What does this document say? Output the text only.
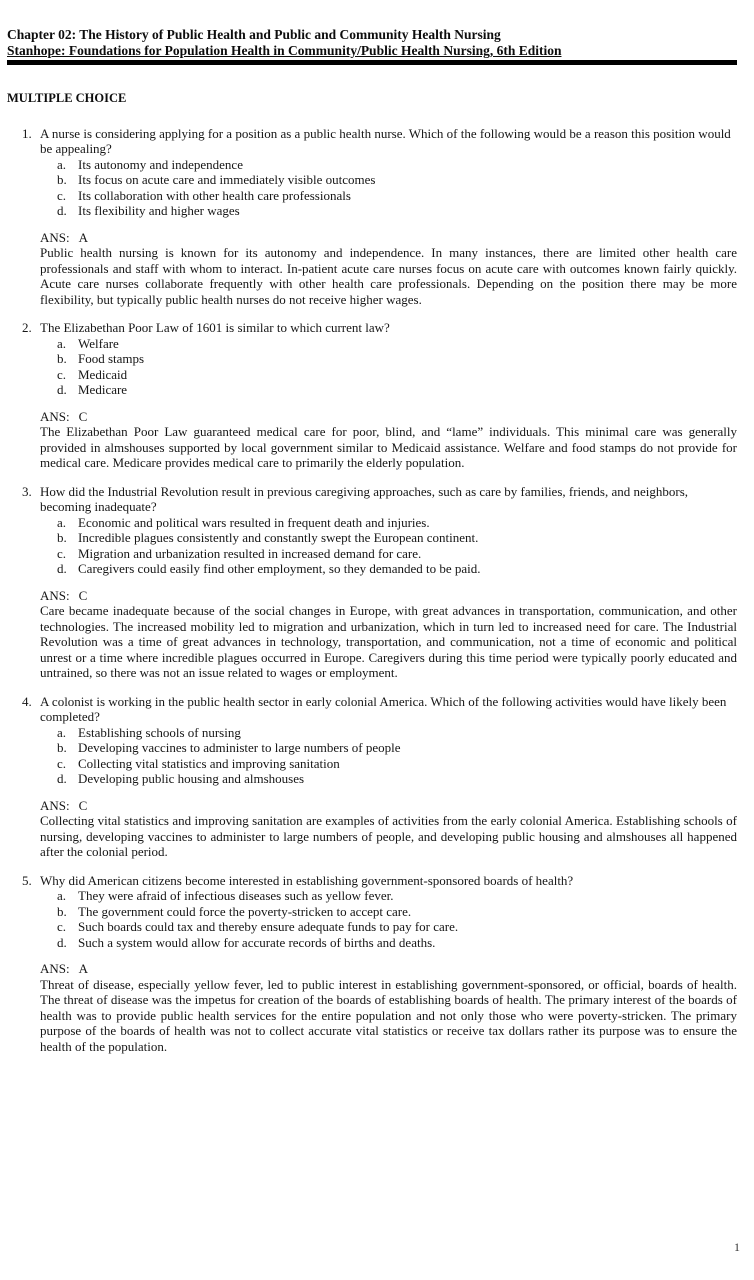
Chapter 02: The History of Public Health and Public and Community Health Nursing
Stanhope: Foundations for Population Health in Community/Public Health Nursing, 6th Edition
MULTIPLE CHOICE
1. A nurse is considering applying for a position as a public health nurse. Which of the following would be a reason this position would be appealing?
a. Its autonomy and independence
b. Its focus on acute care and immediately visible outcomes
c. Its collaboration with other health care professionals
d. Its flexibility and higher wages
ANS: A

Public health nursing is known for its autonomy and independence. In many instances, there are limited other health care professionals and staff with whom to interact. In-patient acute care nurses focus on acute care with outcomes known fairly quickly. Acute care nurses collaborate frequently with other health care professionals. Depending on the position there may be more flexibility, but typically public health nurses do not receive higher wages.

2. The Elizabethan Poor Law of 1601 is similar to which current law?
a. Welfare
b. Food stamps
c. Medicaid
d. Medicare
ANS: C

The Elizabethan Poor Law guaranteed medical care for poor, blind, and “lame” individuals. This minimal care was generally provided in almshouses supported by local government similar to Medicaid assistance. Welfare and food stamps do not provide for medical care. Medicare provides medical care to primarily the elderly population.

3. How did the Industrial Revolution result in previous caregiving approaches, such as care by families, friends, and neighbors, becoming inadequate?
a. Economic and political wars resulted in frequent death and injuries.
b. Incredible plagues consistently and constantly swept the European continent.
c. Migration and urbanization resulted in increased demand for care.
d. Caregivers could easily find other employment, so they demanded to be paid.
ANS: C

Care became inadequate because of the social changes in Europe, with great advances in transportation, communication, and other technologies. The increased mobility led to migration and urbanization, which in turn led to increased need for care. The Industrial Revolution was a time of great advances in technology, transportation, and communication, not a time of economic and political unrest or a time where incredible plagues occurred in Europe. Caregivers during this time period were typically poorly educated and untrained, so there was not an issue related to wages or employment.

4. A colonist is working in the public health sector in early colonial America. Which of the following activities would have likely been completed?
a. Establishing schools of nursing
b. Developing vaccines to administer to large numbers of people
c. Collecting vital statistics and improving sanitation
d. Developing public housing and almshouses
ANS: C

Collecting vital statistics and improving sanitation are examples of activities from the early colonial America. Establishing schools of nursing, developing vaccines to administer to large numbers of people, and developing public housing and almshouses all happened after the colonial period.

5. Why did American citizens become interested in establishing government-sponsored boards of health?
a. They were afraid of infectious diseases such as yellow fever.
b. The government could force the poverty-stricken to accept care.
c. Such boards could tax and thereby ensure adequate funds to pay for care.
d. Such a system would allow for accurate records of births and deaths.
ANS: A

Threat of disease, especially yellow fever, led to public interest in establishing government-sponsored, or official, boards of health. The threat of disease was the impetus for creation of the boards of establishing boards of health. The primary interest of the boards of health was to provide public health services for the entire population and not only those who were poverty-stricken. The primary purpose of the boards of health was not to collect accurate vital statistics or receive tax dollars rather its purpose was to ensure the health of the population.

1
